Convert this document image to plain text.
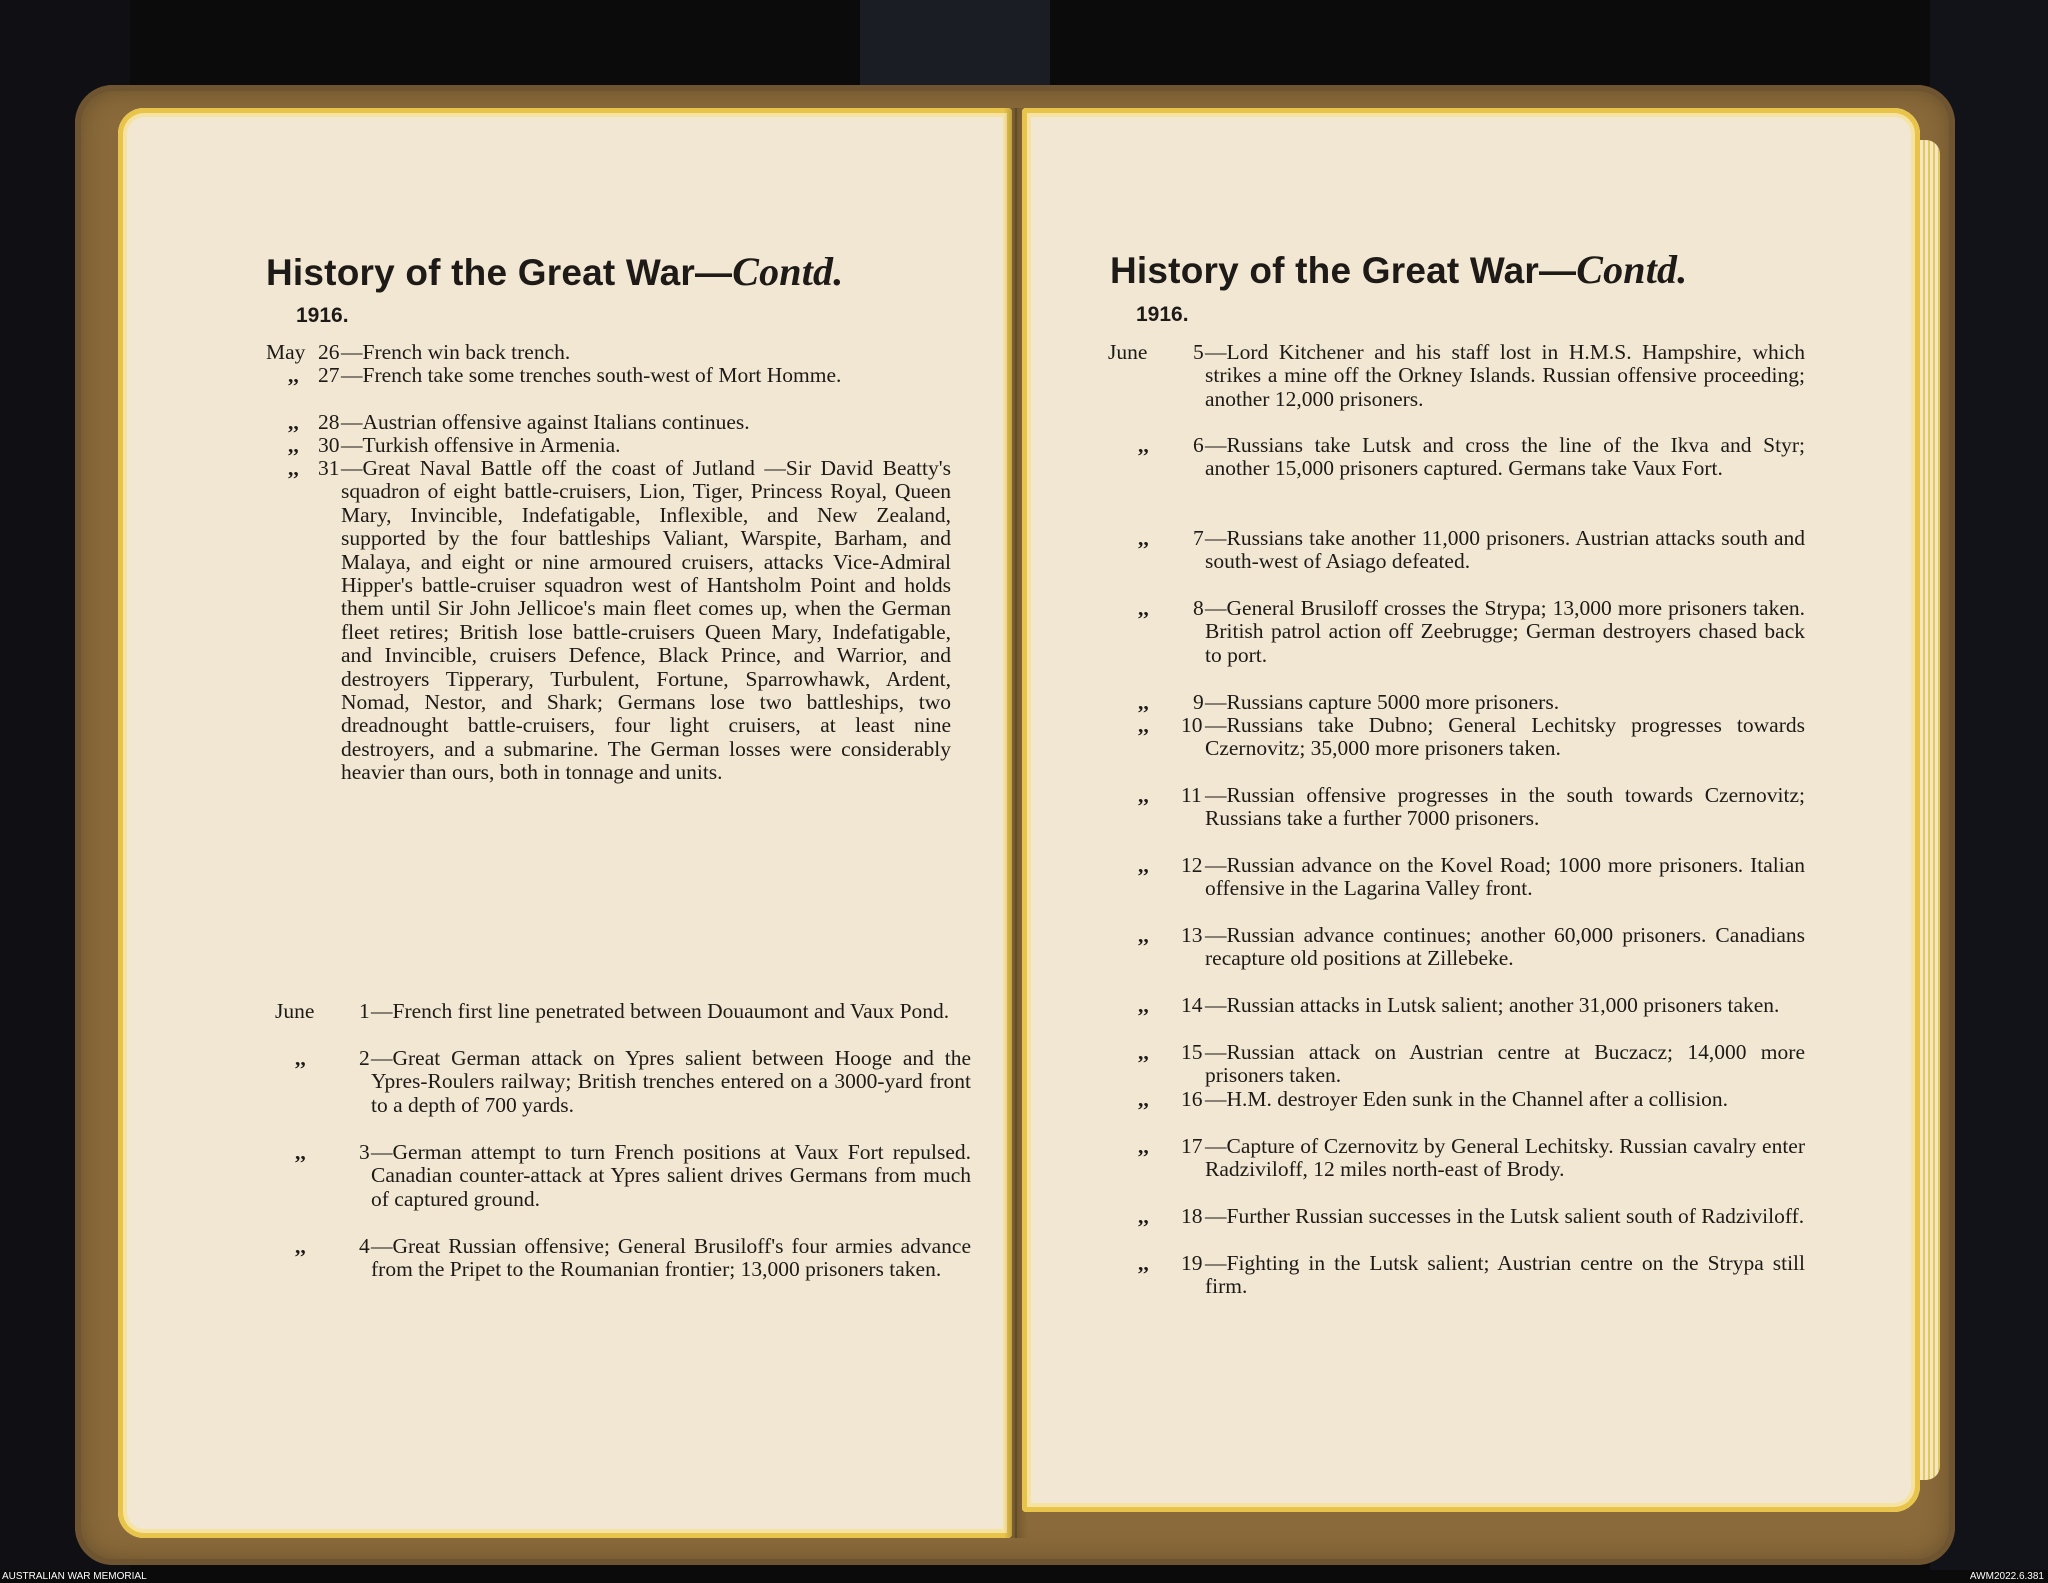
History of the Great War—Contd.
1916.
May 26 —French win back trench.
,, 27 —French take some trenches south-west of Mort Homme.
,, 28 —Austrian offensive against Italians continues.
,, 30 —Turkish offensive in Armenia.
,, 31 —Great Naval Battle off the coast of Jutland —Sir David Beatty's squadron of eight battle-cruisers, Lion, Tiger, Princess Royal, Queen Mary, Invincible, Indefatigable, Inflexible, and New Zealand, supported by the four battleships Valiant, Warspite, Barham, and Malaya, and eight or nine armoured cruisers, attacks Vice-Admiral Hipper's battle-cruiser squadron west of Hantsholm Point and holds them until Sir John Jellicoe's main fleet comes up, when the German fleet retires; British lose battle-cruisers Queen Mary, Indefatigable, and Invincible, cruisers Defence, Black Prince, and Warrior, and destroyers Tipperary, Turbulent, Fortune, Sparrowhawk, Ardent, Nomad, Nestor, and Shark; Germans lose two battleships, two dreadnought battle-cruisers, four light cruisers, at least nine destroyers, and a submarine. The German losses were considerably heavier than ours, both in tonnage and units.
June 1 —French first line penetrated between Douaumont and Vaux Pond.
,, 2 —Great German attack on Ypres salient between Hooge and the Ypres-Roulers railway; British trenches entered on a 3000-yard front to a depth of 700 yards.
,, 3 —German attempt to turn French positions at Vaux Fort repulsed. Canadian counter-attack at Ypres salient drives Germans from much of captured ground.
,, 4 —Great Russian offensive; General Brusiloff's four armies advance from the Pripet to the Roumanian frontier; 13,000 prisoners taken.
History of the Great War—Contd.
1916.
June 5 —Lord Kitchener and his staff lost in H.M.S. Hampshire, which strikes a mine off the Orkney Islands. Russian offensive proceeding; another 12,000 prisoners.
,, 6 —Russians take Lutsk and cross the line of the Ikva and Styr; another 15,000 prisoners captured. Germans take Vaux Fort.
,, 7 —Russians take another 11,000 prisoners. Austrian attacks south and south-west of Asiago defeated.
,, 8 —General Brusiloff crosses the Strypa; 13,000 more prisoners taken. British patrol action off Zeebrugge; German destroyers chased back to port.
,, 9 —Russians capture 5000 more prisoners.
,, 10 —Russians take Dubno; General Lechitsky progresses towards Czernovitz; 35,000 more prisoners taken.
,, 11 —Russian offensive progresses in the south towards Czernovitz; Russians take a further 7000 prisoners.
,, 12 —Russian advance on the Kovel Road; 1000 more prisoners. Italian offensive in the Lagarina Valley front.
,, 13 —Russian advance continues; another 60,000 prisoners. Canadians recapture old positions at Zillebeke.
,, 14 —Russian attacks in Lutsk salient; another 31,000 prisoners taken.
,, 15 —Russian attack on Austrian centre at Buczacz; 14,000 more prisoners taken.
,, 16 —H.M. destroyer Eden sunk in the Channel after a collision.
,, 17 —Capture of Czernovitz by General Lechitsky. Russian cavalry enter Radziviloff, 12 miles north-east of Brody.
,, 18 —Further Russian successes in the Lutsk salient south of Radziviloff.
,, 19 —Fighting in the Lutsk salient; Austrian centre on the Strypa still firm.
AUSTRALIAN WAR MEMORIAL	AWM2022.6.381
